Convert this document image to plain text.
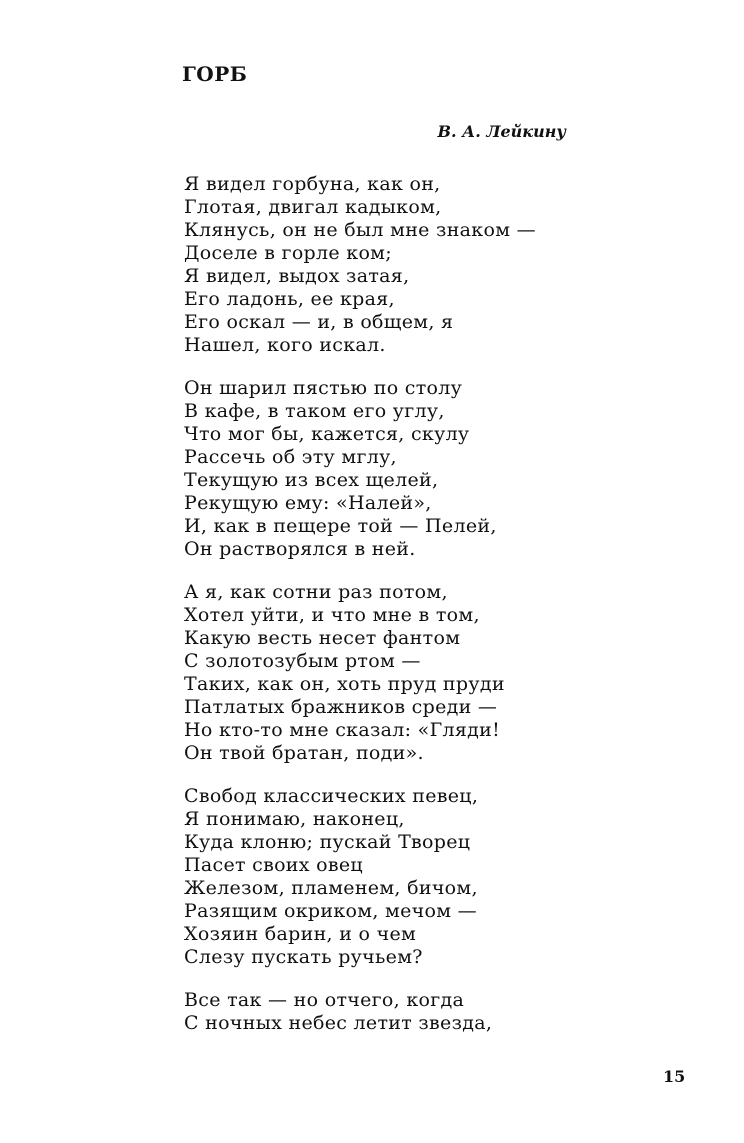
ГОРБ
В. А. Лейкину
Я видел горбуна, как он,
Глотая, двигал кадыком,
Клянусь, он не был мне знаком —
Доселе в горле ком;
Я видел, выдох затая,
Его ладонь, ее края,
Его оскал — и, в общем, я
Нашел, кого искал.
Он шарил пястью по столу
В кафе, в таком его углу,
Что мог бы, кажется, скулу
Рассечь об эту мглу,
Текущую из всех щелей,
Рекущую ему: «Налей»,
И, как в пещере той — Пелей,
Он растворялся в ней.
А я, как сотни раз потом,
Хотел уйти, и что мне в том,
Какую весть несет фантом
С золотозубым ртом —
Таких, как он, хоть пруд пруди
Патлатых бражников среди —
Но кто-то мне сказал: «Гляди!
Он твой братан, поди».
Свобод классических певец,
Я понимаю, наконец,
Куда клоню; пускай Творец
Пасет своих овец
Железом, пламенем, бичом,
Разящим окриком, мечом —
Хозяин барин, и о чем
Слезу пускать ручьем?
Все так — но отчего, когда
С ночных небес летит звезда,
15
